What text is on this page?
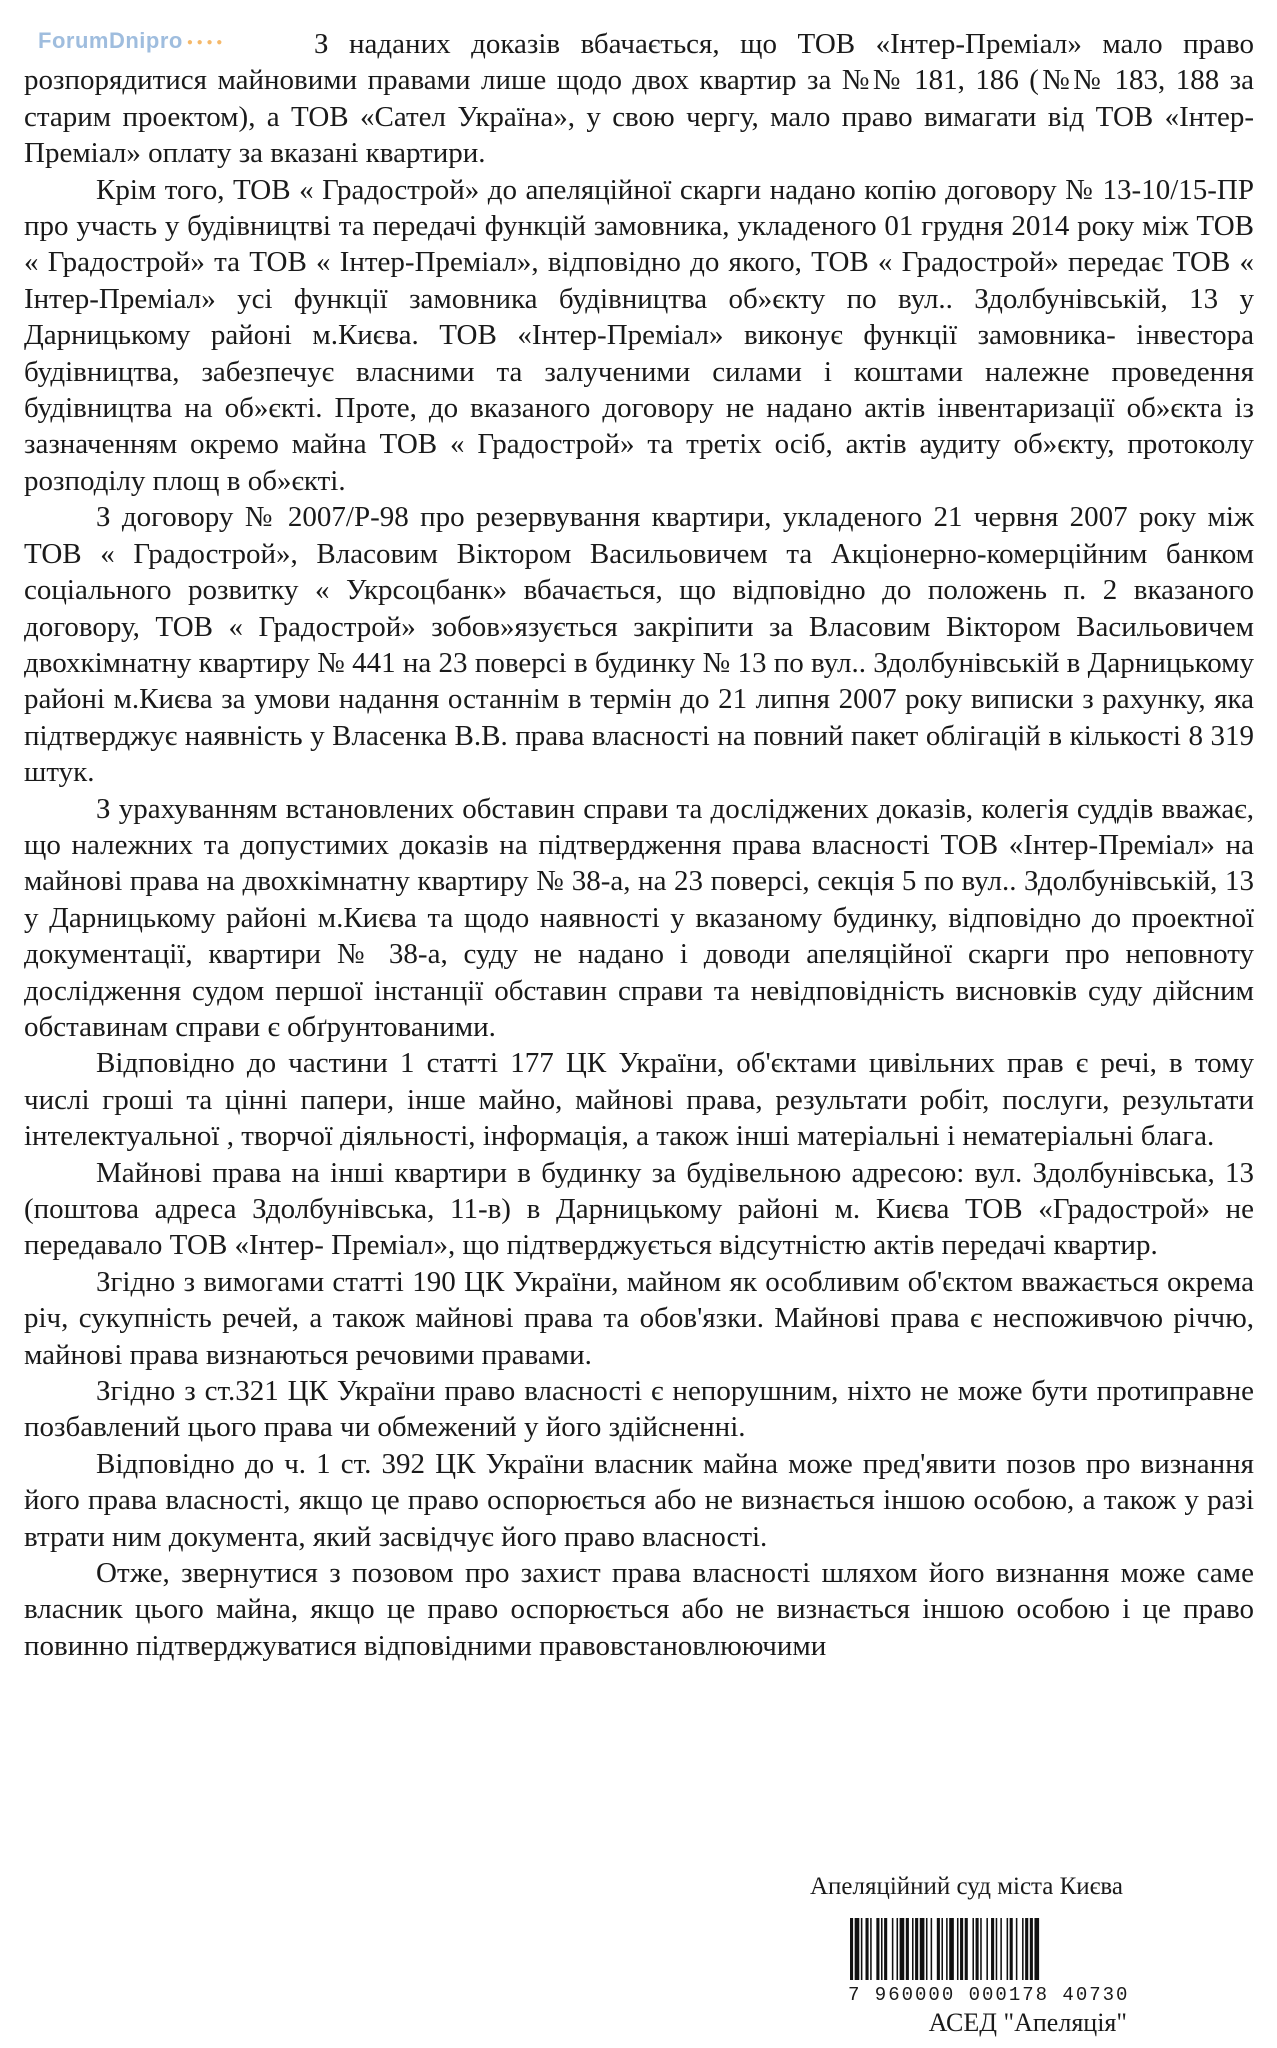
ForumDnipro ● ● ● ●	З наданих доказів вбачається, що ТОВ «Інтер-Преміал» мало право розпорядитися майновими правами лише щодо двох квартир за №№ 181, 186 (№№ 183, 188 за старим проектом), а ТОВ «Сател Україна», у свою чергу, мало право вимагати від ТОВ «Інтер-Преміал» оплату за вказані квартири.

Крім того, ТОВ « Градострой» до апеляційної скарги надано копію договору № 13-10/15-ПР про участь у будівництві та передачі функцій замовника, укладеного 01 грудня 2014 року між ТОВ « Градострой» та ТОВ « Інтер-Преміал», відповідно до якого, ТОВ « Градострой» передає ТОВ « Інтер-Преміал» усі функції замовника будівництва об»єкту по вул.. Здолбунівській, 13 у Дарницькому районі м.Києва. ТОВ «Інтер-Преміал» виконує функції замовника- інвестора будівництва, забезпечує власними та залученими силами і коштами належне проведення будівництва на об»єкті. Проте, до вказаного договору не надано актів інвентаризації об»єкта із зазначенням окремо майна ТОВ « Градострой» та третіх осіб, актів аудиту об»єкту, протоколу розподілу площ в об»єкті.

З договору № 2007/Р-98 про резервування квартири, укладеного 21 червня 2007 року між ТОВ « Градострой», Власовим Віктором Васильовичем та Акціонерно-комерційним банком соціального розвитку « Укрсоцбанк» вбачається, що відповідно до положень п. 2 вказаного договору, ТОВ « Градострой» зобов»язується закріпити за Власовим Віктором Васильовичем двохкімнатну квартиру № 441 на 23 поверсі в будинку № 13 по вул.. Здолбунівській в Дарницькому районі м.Києва за умови надання останнім в термін до 21 липня 2007 року виписки з рахунку, яка підтверджує наявність у Власенка В.В. права власності на повний пакет облігацій в кількості 8 319 штук.

З урахуванням встановлених обставин справи та досліджених доказів, колегія суддів вважає, що належних та допустимих доказів на підтвердження права власності ТОВ «Інтер-Преміал» на майнові права на двохкімнатну квартиру № 38-а, на 23 поверсі, секція 5 по вул.. Здолбунівській, 13 у Дарницькому районі м.Києва та щодо наявності у вказаному будинку, відповідно до проектної документації, квартири № 38-а, суду не надано і доводи апеляційної скарги про неповноту дослідження судом першої інстанції обставин справи та невідповідність висновків суду дійсним обставинам справи є обґрунтованими.

Відповідно до частини 1 статті 177 ЦК України, об'єктами цивільних прав є речі, в тому числі гроші та цінні папери, інше майно, майнові права, результати робіт, послуги, результати інтелектуальної , творчої діяльності, інформація, а також інші матеріальні і нематеріальні блага.

Майнові права на інші квартири в будинку за будівельною адресою: вул. Здолбунівська, 13 (поштова адреса Здолбунівська, 11-в) в Дарницькому районі м. Києва ТОВ «Градострой» не передавало ТОВ «Інтер- Преміал», що підтверджується відсутністю актів передачі квартир.

Згідно з вимогами статті 190 ЦК України, майном як особливим об'єктом вважається окрема річ, сукупність речей, а також майнові права та обов'язки. Майнові права є неспоживчою річчю, майнові права визнаються речовими правами.

Згідно з ст.321 ЦК України право власності є непорушним, ніхто не може бути протиправне позбавлений цього права чи обмежений у його здійсненні.

Відповідно до ч. 1 ст. 392 ЦК України власник майна може пред'явити позов про визнання його права власності, якщо це право оспорюється або не визнається іншою особою, а також у разі втрати ним документа, який засвідчує його право власності.

Отже, звернутися з позовом про захист права власності шляхом його визнання може саме власник цього майна, якщо це право оспорюється або не визнається іншою особою і це право повинно підтверджуватися відповідними правовстановлюючими

Апеляційний суд міста Києва
7 960000 000178 40730
АСЕД "Апеляція"
